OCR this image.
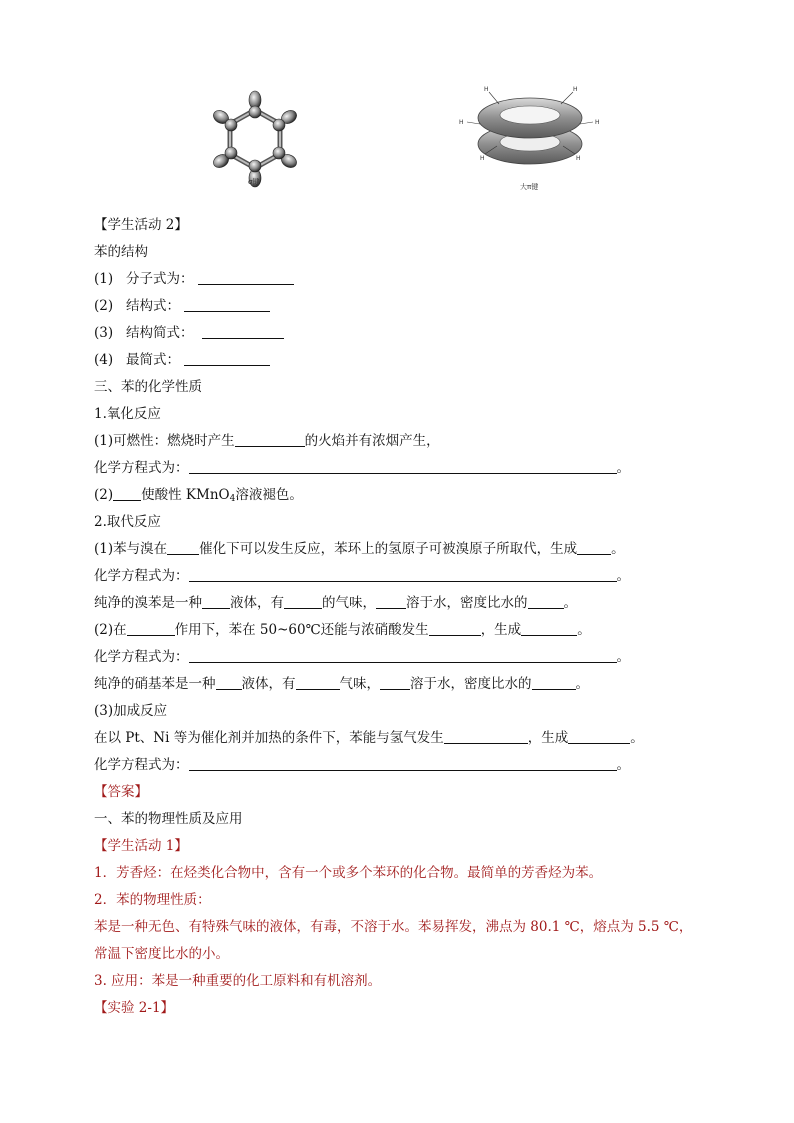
σ键
H	H
H	H
H	H
大π键
【学生活动 2】
苯的结构
(1) 分子式为：
(2) 结构式：
(3) 结构简式：
(4) 最简式：
三、苯的化学性质
1.氧化反应
(1)可燃性：燃烧时产生	的火焰并有浓烟产生，
化学方程式为：	。
(2) 使酸性 KMnO$_4$溶液褪色。
2.取代反应
(1)苯与溴在 催化下可以发生反应，苯环上的氢原子可被溴原子所取代，生成	。
化学方程式为：	。
纯净的溴苯是一种 液体，有	的气味， 溶于水，密度比水的	。
(2)在	作用下，苯在 50~60℃还能与浓硝酸发生	，生成	。
化学方程式为：	。
纯净的硝基苯是一种 液体，有	气味， 溶于水，密度比水的	。
(3)加成反应
在以 Pt、Ni 等为催化剂并加热的条件下，苯能与氢气发生	，生成	。
化学方程式为：	。
【答案】
一、苯的物理性质及应用
【学生活动 1】
1．芳香烃：在烃类化合物中，含有一个或多个苯环的化合物。最简单的芳香烃为苯。
2．苯的物理性质：
苯是一种无色、有特殊气味的液体，有毒，不溶于水。苯易挥发，沸点为 80.1 ℃，熔点为 5.5 ℃，
常温下密度比水的小。
3. 应用：苯是一种重要的化工原料和有机溶剂。
【实验 2-1】
